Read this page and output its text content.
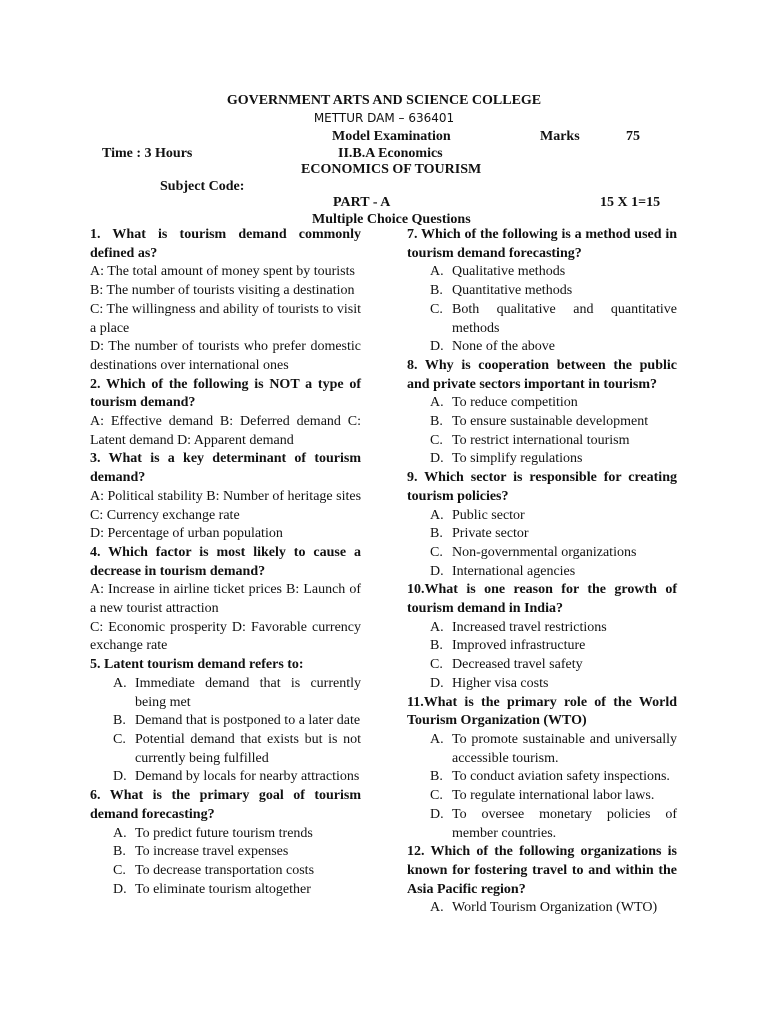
GOVERNMENT ARTS AND SCIENCE COLLEGE
METTUR DAM – 636401
Model Examination	Marks	75
Time : 3 Hours	II.B.A Economics
ECONOMICS OF TOURISM
Subject Code:
PART - A	15 X 1=15
Multiple Choice Questions
1. What is tourism demand commonly defined as?
A: The total amount of money spent by tourists
B: The number of tourists visiting a destination
C: The willingness and ability of tourists to visit a place
D: The number of tourists who prefer domestic destinations over international ones
2. Which of the following is NOT a type of tourism demand?
A: Effective demand B: Deferred demand C: Latent demand D: Apparent demand
3. What is a key determinant of tourism demand?
A: Political stability B: Number of heritage sites
C: Currency exchange rate
D: Percentage of urban population
4. Which factor is most likely to cause a decrease in tourism demand?
A: Increase in airline ticket prices B: Launch of a new tourist attraction
C: Economic prosperity D: Favorable currency exchange rate
5. Latent tourism demand refers to:
A. Immediate demand that is currently being met
B. Demand that is postponed to a later date
C. Potential demand that exists but is not currently being fulfilled
D. Demand by locals for nearby attractions
6. What is the primary goal of tourism demand forecasting?
A. To predict future tourism trends
B. To increase travel expenses
C. To decrease transportation costs
D. To eliminate tourism altogether
7. Which of the following is a method used in tourism demand forecasting?
A. Qualitative methods
B. Quantitative methods
C. Both qualitative and quantitative methods
D. None of the above
8. Why is cooperation between the public and private sectors important in tourism?
A. To reduce competition
B. To ensure sustainable development
C. To restrict international tourism
D. To simplify regulations
9. Which sector is responsible for creating tourism policies?
A. Public sector
B. Private sector
C. Non-governmental organizations
D. International agencies
10.What is one reason for the growth of tourism demand in India?
A. Increased travel restrictions
B. Improved infrastructure
C. Decreased travel safety
D. Higher visa costs
11.What is the primary role of the World Tourism Organization (WTO)
A. To promote sustainable and universally accessible tourism.
B. To conduct aviation safety inspections.
C. To regulate international labor laws.
D. To oversee monetary policies of member countries.
12. Which of the following organizations is known for fostering travel to and within the Asia Pacific region?
A. World Tourism Organization (WTO)
